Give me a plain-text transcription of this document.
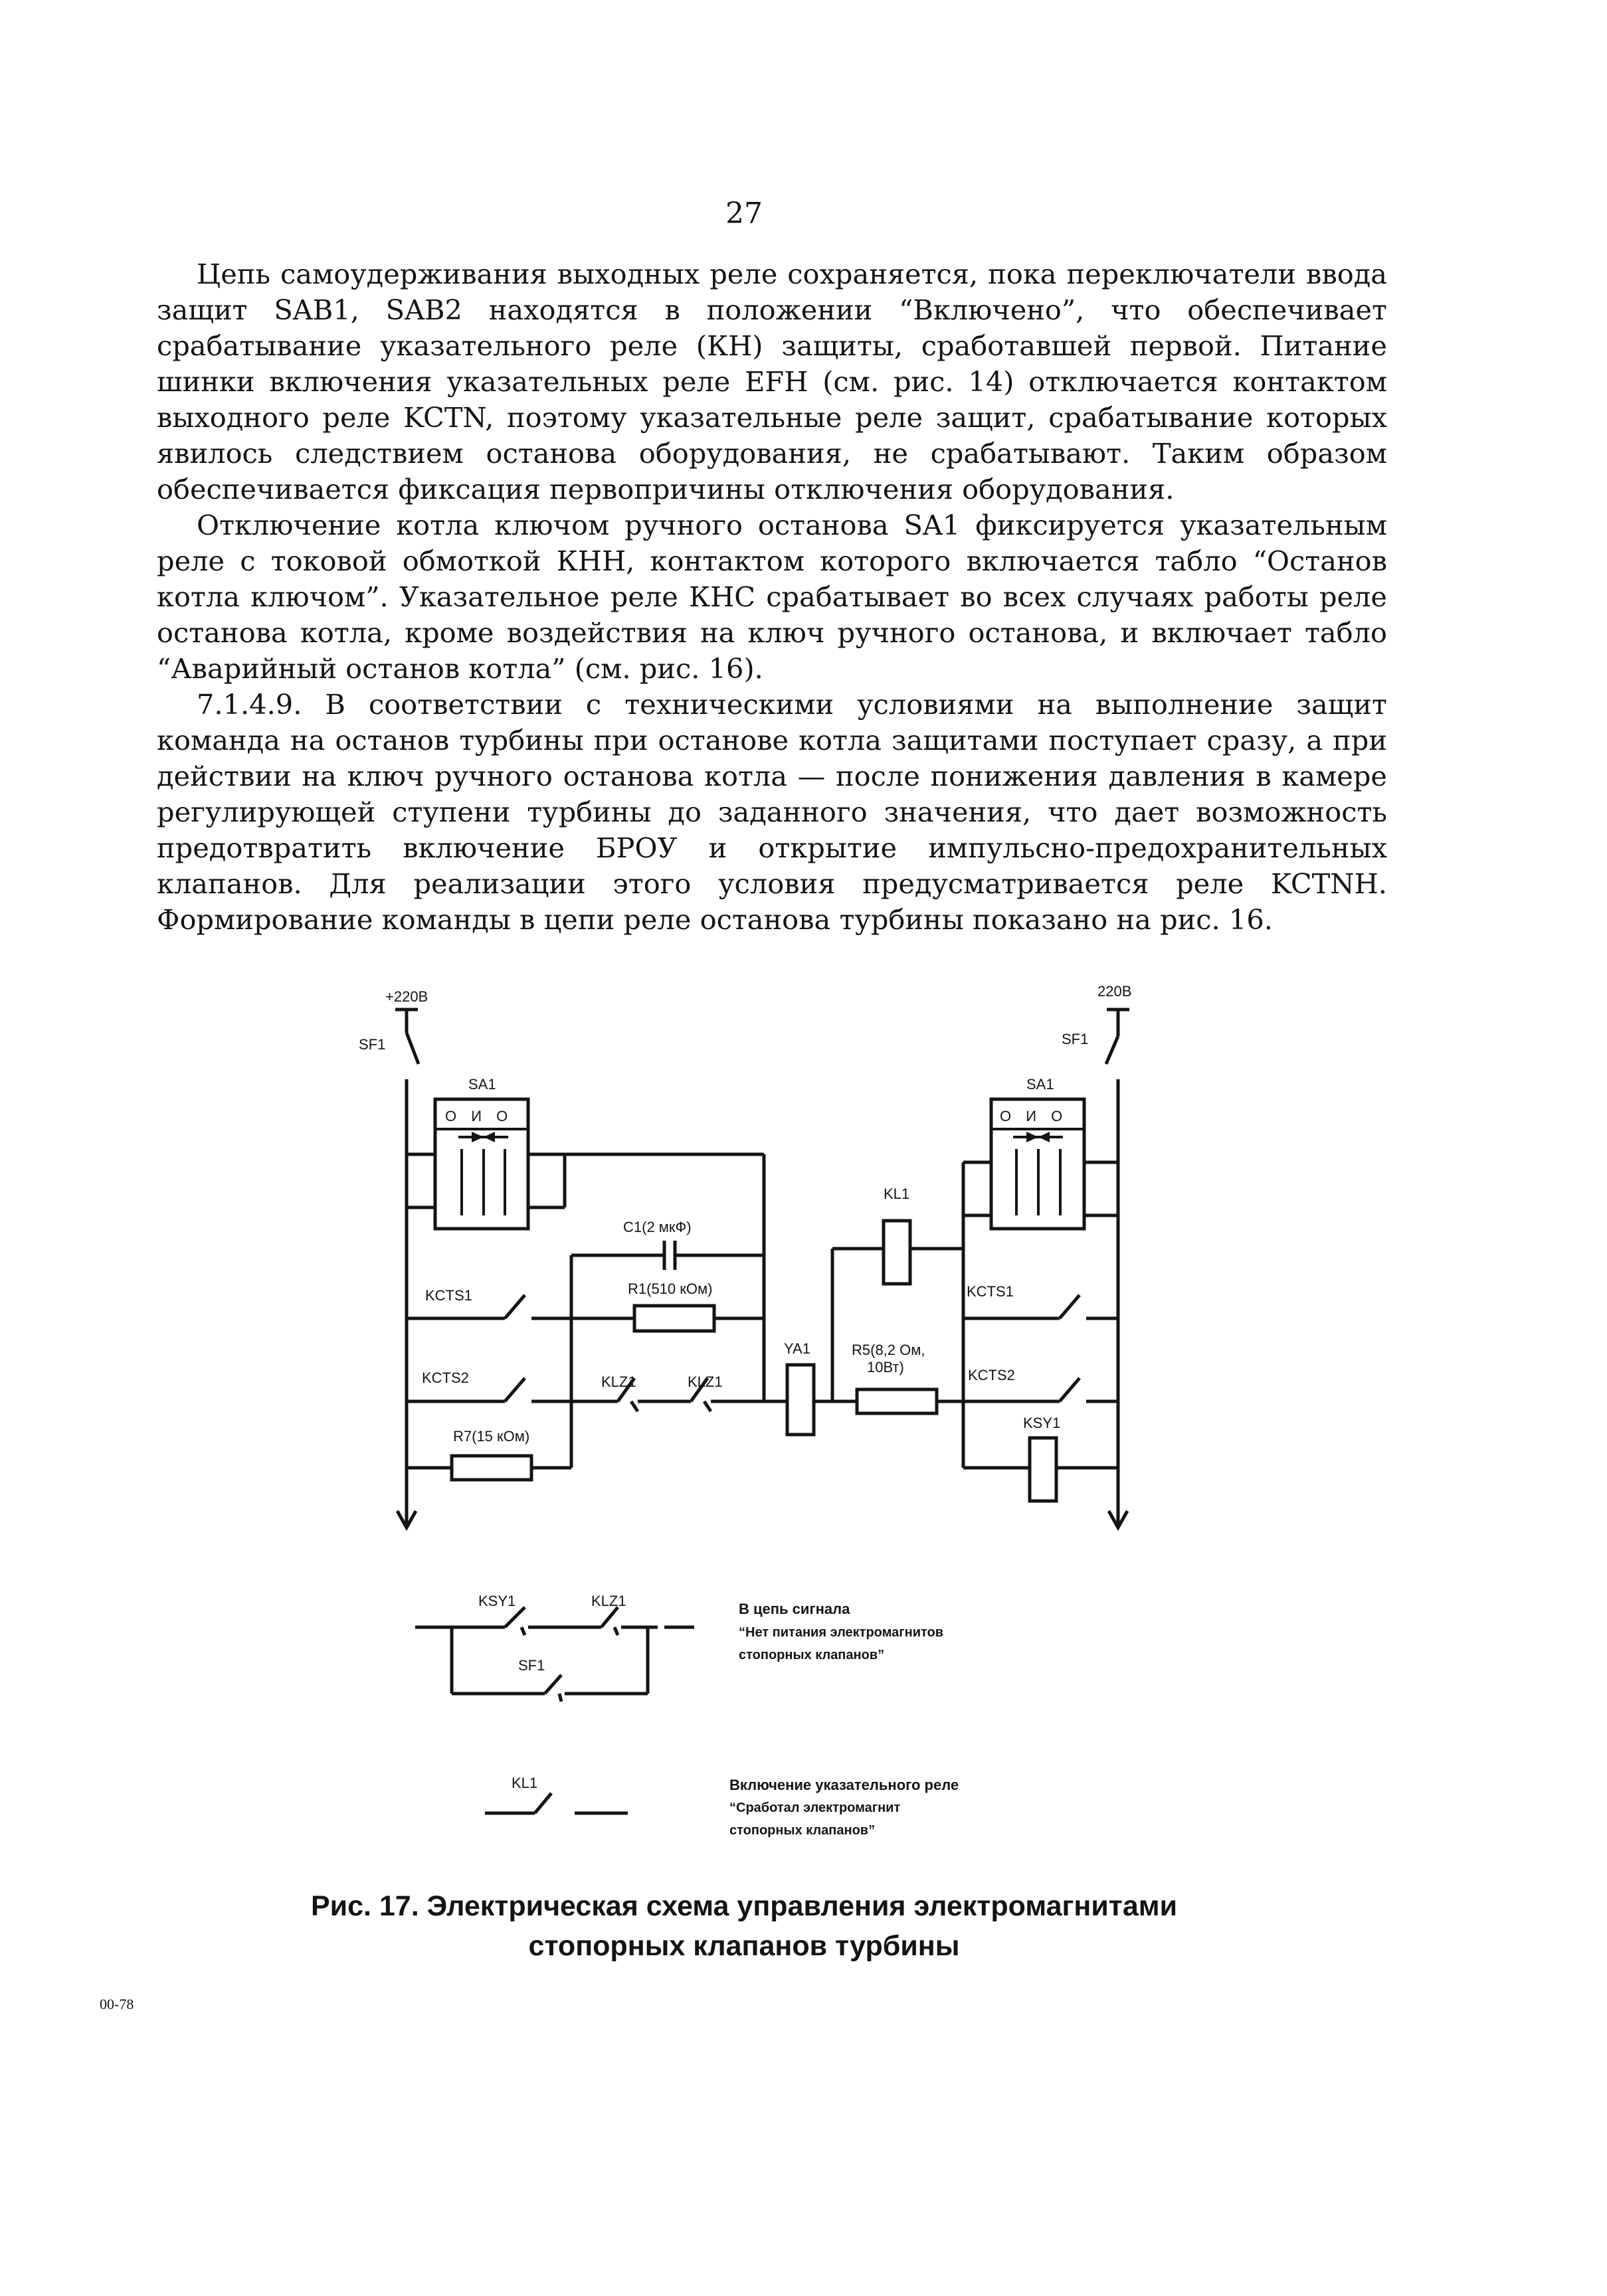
27

Цепь самоудерживания выходных реле сохраняется, пока переключатели ввода защит SAB1, SAB2 находятся в положении “Включено”, что обеспечивает срабатывание указательного реле (КН) защиты, сработавшей первой. Питание шинки включения указательных реле EFH (см. рис. 14) отключается контактом выходного реле KCTN, поэтому указательные реле защит, срабатывание которых явилось следствием останова оборудования, не срабатывают. Таким образом обеспечивается фиксация первопричины отключения оборудования.

Отключение котла ключом ручного останова SA1 фиксируется указательным реле с токовой обмоткой КНН, контактом которого включается табло “Останов котла ключом”. Указательное реле КНС срабатывает во всех случаях работы реле останова котла, кроме воздействия на ключ ручного останова, и включает табло “Аварийный останов котла” (см. рис. 16).

7.1.4.9. В соответствии с техническими условиями на выполнение защит команда на останов турбины при останове котла защитами поступает сразу, а при действии на ключ ручного останова котла — после понижения давления в камере регулирующей ступени турбины до заданного значения, что дает возможность предотвратить включение БРОУ и открытие импульсно-предохранительных клапанов. Для реализации этого условия предусматривается реле KCTNH. Формирование команды в цепи реле останова турбины показано на рис. 16.

+220В
SF1
SA1
О И О
KCTS1
KCTS2
R7(15 кОм)
C1(2 мкФ)
R1(510 кОм)
KLZ1	KLZ1
YA1	R5(8,2 Ом,
10Вт)
KL1
220В
SF1
SA1
О И О
KCTS1
KCTS2
KSY1
KSY1	KLZ1
SF1
В цепь сигнала
“Нет питания электромагнитов
стопорных клапанов”
KL1	Включение указательного реле
“Сработал электромагнит
стопорных клапанов”
Рис. 17. Электрическая схема управления электромагнитами
стопорных клапанов турбины
00-78
